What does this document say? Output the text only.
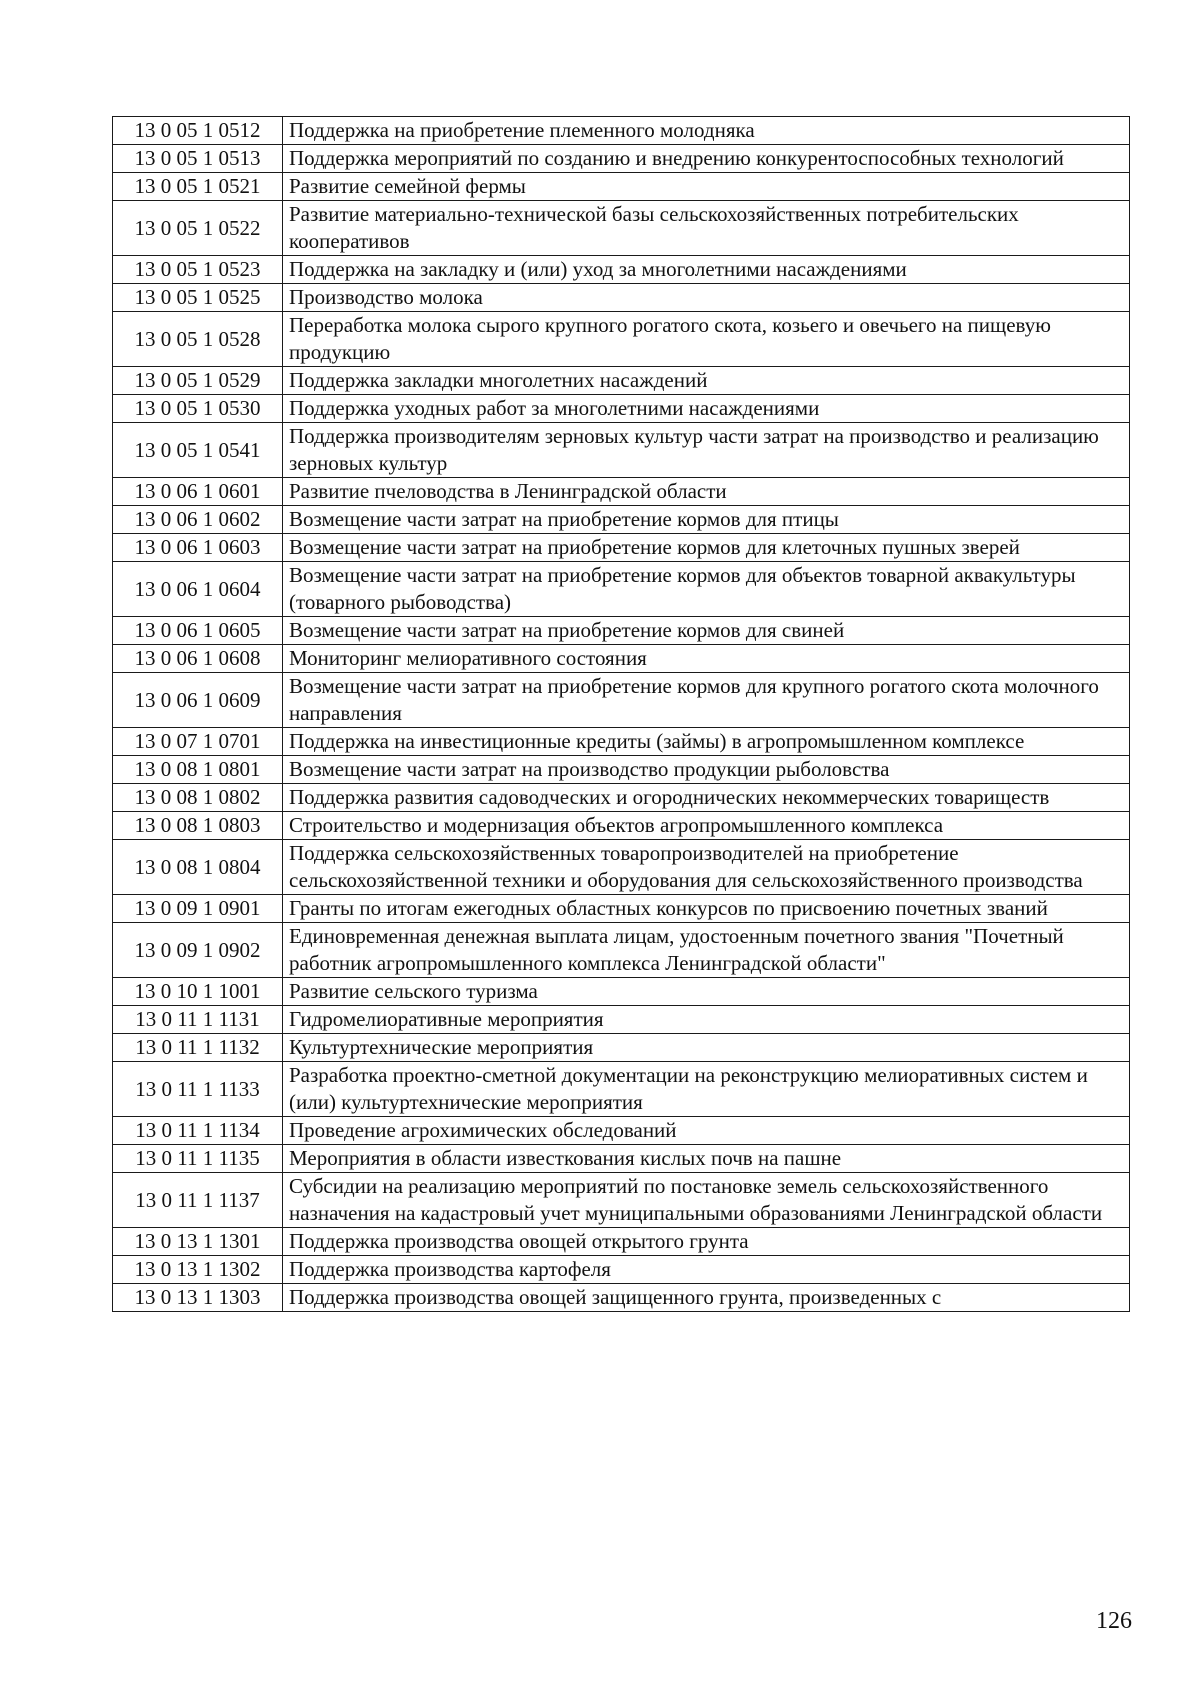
13 0 05 1 0512	Поддержка на приобретение племенного молодняка
13 0 05 1 0513	Поддержка мероприятий по созданию и внедрению конкурентоспособных технологий
13 0 05 1 0521	Развитие семейной фермы
13 0 05 1 0522	Развитие материально-технической базы сельскохозяйственных потребительских кооперативов
13 0 05 1 0523	Поддержка на закладку и (или) уход за многолетними насаждениями
13 0 05 1 0525	Производство молока
13 0 05 1 0528	Переработка молока сырого крупного рогатого скота, козьего и овечьего на пищевую продукцию
13 0 05 1 0529	Поддержка закладки многолетних насаждений
13 0 05 1 0530	Поддержка уходных работ за многолетними насаждениями
13 0 05 1 0541	Поддержка производителям зерновых культур части затрат на производство и реализацию зерновых культур
13 0 06 1 0601	Развитие пчеловодства в Ленинградской области
13 0 06 1 0602	Возмещение части затрат на приобретение кормов для птицы
13 0 06 1 0603	Возмещение части затрат на приобретение кормов для клеточных пушных зверей
13 0 06 1 0604	Возмещение части затрат на приобретение кормов для объектов товарной аквакультуры (товарного рыбоводства)
13 0 06 1 0605	Возмещение части затрат на приобретение кормов для свиней
13 0 06 1 0608	Мониторинг мелиоративного состояния
13 0 06 1 0609	Возмещение части затрат на приобретение кормов для крупного рогатого скота молочного направления
13 0 07 1 0701	Поддержка на инвестиционные кредиты (займы) в агропромышленном комплексе
13 0 08 1 0801	Возмещение части затрат на производство продукции рыболовства
13 0 08 1 0802	Поддержка развития садоводческих и огороднических некоммерческих товариществ
13 0 08 1 0803	Строительство и модернизация объектов агропромышленного комплекса
13 0 08 1 0804	Поддержка сельскохозяйственных товаропроизводителей на приобретение сельскохозяйственной техники и оборудования для сельскохозяйственного производства
13 0 09 1 0901	Гранты по итогам ежегодных областных конкурсов по присвоению почетных званий
13 0 09 1 0902	Единовременная денежная выплата лицам, удостоенным почетного звания "Почетный работник агропромышленного комплекса Ленинградской области"
13 0 10 1 1001	Развитие сельского туризма
13 0 11 1 1131	Гидромелиоративные мероприятия
13 0 11 1 1132	Культуртехнические мероприятия
13 0 11 1 1133	Разработка проектно-сметной документации на реконструкцию мелиоративных систем и (или) культуртехнические мероприятия
13 0 11 1 1134	Проведение агрохимических обследований
13 0 11 1 1135	Мероприятия в области известкования кислых почв на пашне
13 0 11 1 1137	Субсидии на реализацию мероприятий по постановке земель сельскохозяйственного назначения на кадастровый учет муниципальными образованиями Ленинградской области
13 0 13 1 1301	Поддержка производства овощей открытого грунта
13 0 13 1 1302	Поддержка производства картофеля
13 0 13 1 1303	Поддержка производства овощей защищенного грунта, произведенных с
126
